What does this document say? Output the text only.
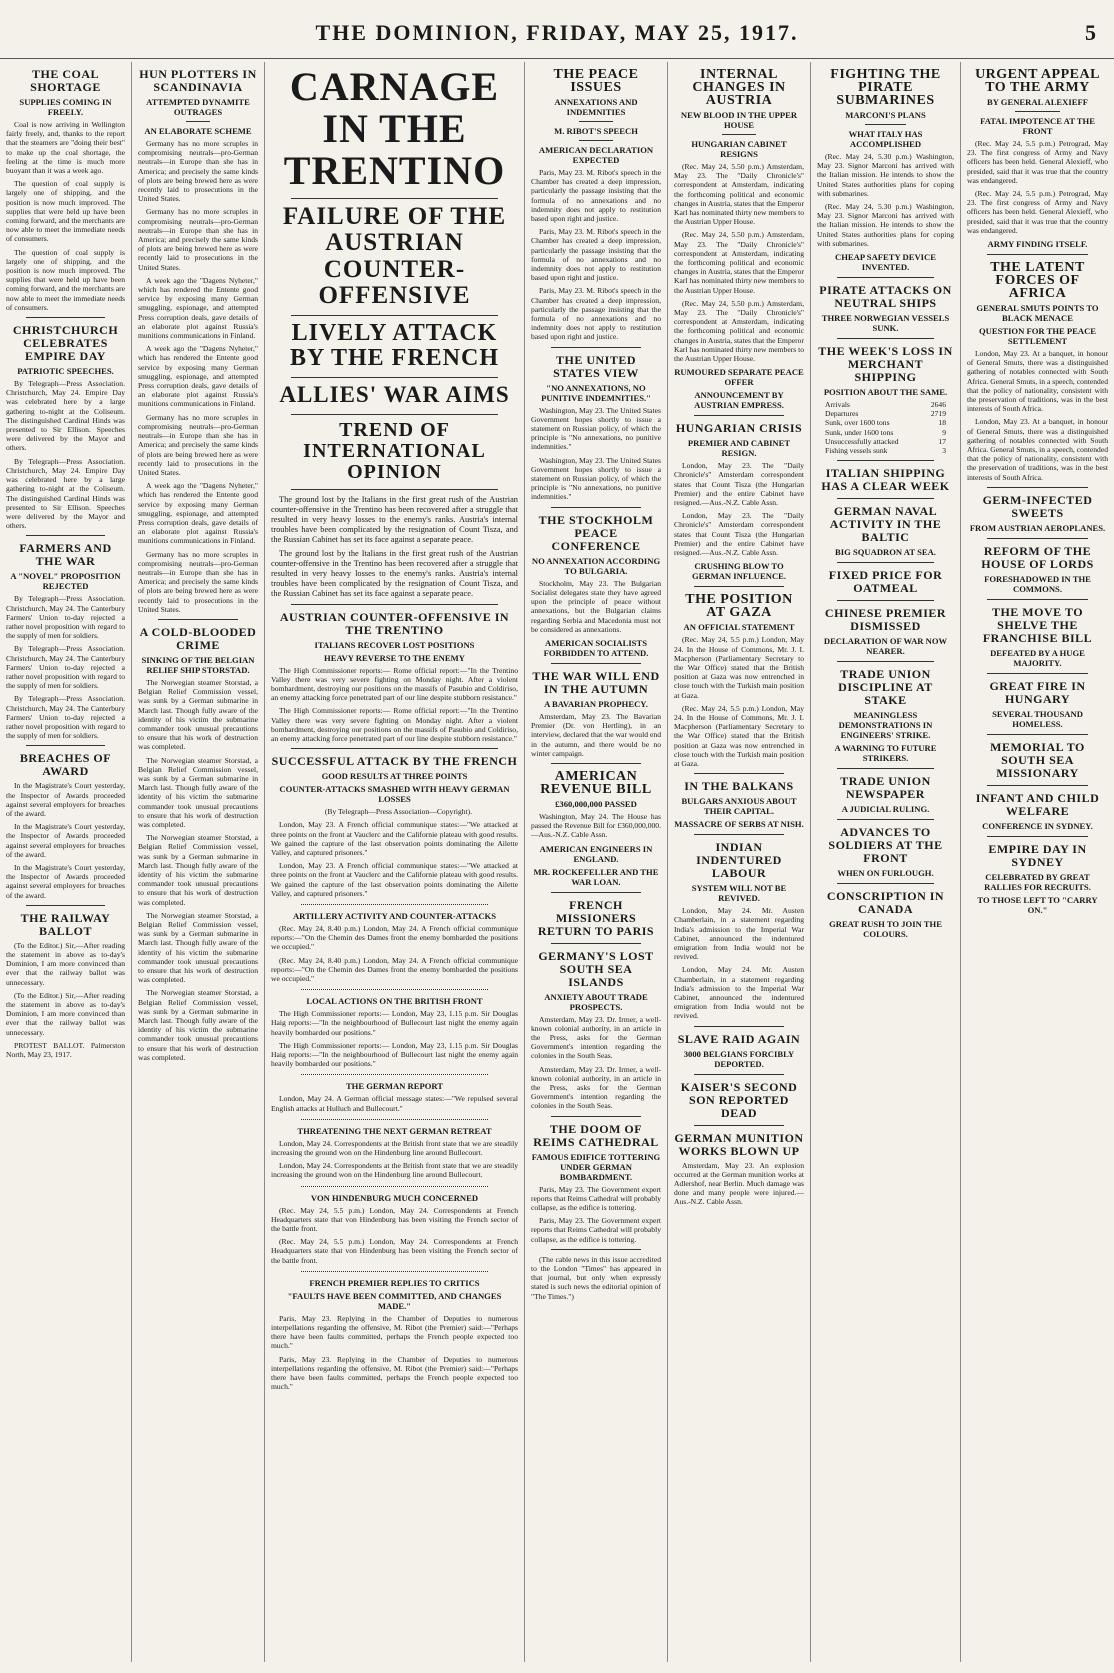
THE DOMINION, FRIDAY, MAY 25, 1917.	5
THE COAL SHORTAGE
SUPPLIES COMING IN FREELY.

Coal is now arriving in Wellington fairly freely, and, thanks to the report that the steamers are "doing their best" to make up the coal shortage, the feeling at the time is much more buoyant than it was a week ago.

The question of coal supply is largely one of shipping, and the position is now much improved. The supplies that were held up have been coming forward, and the merchants are now able to meet the immediate needs of consumers.

The question of coal supply is largely one of shipping, and the position is now much improved. The supplies that were held up have been coming forward, and the merchants are now able to meet the immediate needs of consumers.

CHRISTCHURCH CELEBRATES EMPIRE DAY
PATRIOTIC SPEECHES.

By Telegraph—Press Association. Christchurch, May 24. Empire Day was celebrated here by a large gathering to-night at the Coliseum. The distinguished Cardinal Hinds was presented to Sir Ellison. Speeches were delivered by the Mayor and others.

By Telegraph—Press Association. Christchurch, May 24. Empire Day was celebrated here by a large gathering to-night at the Coliseum. The distinguished Cardinal Hinds was presented to Sir Ellison. Speeches were delivered by the Mayor and others.

FARMERS AND THE WAR
A "NOVEL" PROPOSITION REJECTED

By Telegraph—Press Association. Christchurch, May 24. The Canterbury Farmers' Union to-day rejected a rather novel proposition with regard to the supply of men for soldiers.

By Telegraph—Press Association. Christchurch, May 24. The Canterbury Farmers' Union to-day rejected a rather novel proposition with regard to the supply of men for soldiers.

By Telegraph—Press Association. Christchurch, May 24. The Canterbury Farmers' Union to-day rejected a rather novel proposition with regard to the supply of men for soldiers.

BREACHES OF AWARD

In the Magistrate's Court yesterday, the Inspector of Awards proceeded against several employers for breaches of the award.

In the Magistrate's Court yesterday, the Inspector of Awards proceeded against several employers for breaches of the award.

In the Magistrate's Court yesterday, the Inspector of Awards proceeded against several employers for breaches of the award.

THE RAILWAY BALLOT

(To the Editor.) Sir,—After reading the statement in above as to-day's Dominion, I am more convinced than ever that the railway ballot was unnecessary.

(To the Editor.) Sir,—After reading the statement in above as to-day's Dominion, I am more convinced than ever that the railway ballot was unnecessary.

PROTEST BALLOT. Palmerston North, May 23, 1917.

HUN PLOTTERS IN SCANDINAVIA
ATTEMPTED DYNAMITE OUTRAGES
AN ELABORATE SCHEME

Germany has no more scruples in compromising neutrals—pro-German neutrals—in Europe than she has in America; and precisely the same kinds of plots are being brewed here as were recently laid to prosecutions in the United States.

Germany has no more scruples in compromising neutrals—pro-German neutrals—in Europe than she has in America; and precisely the same kinds of plots are being brewed here as were recently laid to prosecutions in the United States.

A week ago the "Dagens Nyheter," which has rendered the Entente good service by exposing many German smuggling, espionage, and attempted Press corruption deals, gave details of an elaborate plot against Russia's munitions communications in Finland.

A week ago the "Dagens Nyheter," which has rendered the Entente good service by exposing many German smuggling, espionage, and attempted Press corruption deals, gave details of an elaborate plot against Russia's munitions communications in Finland.

Germany has no more scruples in compromising neutrals—pro-German neutrals—in Europe than she has in America; and precisely the same kinds of plots are being brewed here as were recently laid to prosecutions in the United States.

A week ago the "Dagens Nyheter," which has rendered the Entente good service by exposing many German smuggling, espionage, and attempted Press corruption deals, gave details of an elaborate plot against Russia's munitions communications in Finland.

Germany has no more scruples in compromising neutrals—pro-German neutrals—in Europe than she has in America; and precisely the same kinds of plots are being brewed here as were recently laid to prosecutions in the United States.

A COLD-BLOODED CRIME
SINKING OF THE BELGIAN RELIEF SHIP STORSTAD.

The Norwegian steamer Storstad, a Belgian Relief Commission vessel, was sunk by a German submarine in March last. Though fully aware of the identity of his victim the submarine commander took unusual precautions to ensure that his work of destruction was completed.

The Norwegian steamer Storstad, a Belgian Relief Commission vessel, was sunk by a German submarine in March last. Though fully aware of the identity of his victim the submarine commander took unusual precautions to ensure that his work of destruction was completed.

The Norwegian steamer Storstad, a Belgian Relief Commission vessel, was sunk by a German submarine in March last. Though fully aware of the identity of his victim the submarine commander took unusual precautions to ensure that his work of destruction was completed.

The Norwegian steamer Storstad, a Belgian Relief Commission vessel, was sunk by a German submarine in March last. Though fully aware of the identity of his victim the submarine commander took unusual precautions to ensure that his work of destruction was completed.

The Norwegian steamer Storstad, a Belgian Relief Commission vessel, was sunk by a German submarine in March last. Though fully aware of the identity of his victim the submarine commander took unusual precautions to ensure that his work of destruction was completed.

CARNAGE IN THE TRENTINO
FAILURE OF THE AUSTRIAN COUNTER-OFFENSIVE
LIVELY ATTACK BY THE FRENCH
ALLIES' WAR AIMS
TREND OF INTERNATIONAL OPINION

The ground lost by the Italians in the first great rush of the Austrian counter-offensive in the Trentino has been recovered after a struggle that resulted in very heavy losses to the enemy's ranks. Austria's internal troubles have been complicated by the resignation of Count Tisza, and the Russian Cabinet has set its face against a separate peace.

The ground lost by the Italians in the first great rush of the Austrian counter-offensive in the Trentino has been recovered after a struggle that resulted in very heavy losses to the enemy's ranks. Austria's internal troubles have been complicated by the resignation of Count Tisza, and the Russian Cabinet has set its face against a separate peace.

AUSTRIAN COUNTER-OFFENSIVE IN THE TRENTINO
ITALIANS RECOVER LOST POSITIONS
HEAVY REVERSE TO THE ENEMY

The High Commissioner reports:— Rome official report:—"In the Trentino Valley there was very severe fighting on Monday night. After a violent bombardment, destroying our positions on the massifs of Pasubio and Coldiriso, an enemy attacking force penetrated part of our line despite stubborn resistance."

The High Commissioner reports:— Rome official report:—"In the Trentino Valley there was very severe fighting on Monday night. After a violent bombardment, destroying our positions on the massifs of Pasubio and Coldiriso, an enemy attacking force penetrated part of our line despite stubborn resistance."

SUCCESSFUL ATTACK BY THE FRENCH
GOOD RESULTS AT THREE POINTS
COUNTER-ATTACKS SMASHED WITH HEAVY GERMAN LOSSES

(By Telegraph—Press Association—Copyright).

London, May 23. A French official communique states:—"We attacked at three points on the front at Vauclerc and the Californie plateau with good results. We gained the capture of the last observation points dominating the Ailette Valley, and captured prisoners."

London, May 23. A French official communique states:—"We attacked at three points on the front at Vauclerc and the Californie plateau with good results. We gained the capture of the last observation points dominating the Ailette Valley, and captured prisoners."

ARTILLERY ACTIVITY AND COUNTER-ATTACKS

(Rec. May 24, 8.40 p.m.) London, May 24. A French official communique reports:—"On the Chemin des Dames front the enemy bombarded the positions we occupied."

(Rec. May 24, 8.40 p.m.) London, May 24. A French official communique reports:—"On the Chemin des Dames front the enemy bombarded the positions we occupied."

LOCAL ACTIONS ON THE BRITISH FRONT

The High Commissioner reports:— London, May 23, 1.15 p.m. Sir Douglas Haig reports:—"In the neighbourhood of Bullecourt last night the enemy again heavily bombarded our positions."

The High Commissioner reports:— London, May 23, 1.15 p.m. Sir Douglas Haig reports:—"In the neighbourhood of Bullecourt last night the enemy again heavily bombarded our positions."

THE GERMAN REPORT

London, May 24. A German official message states:—"We repulsed several English attacks at Hulluch and Bullecourt."

THREATENING THE NEXT GERMAN RETREAT

London, May 24. Correspondents at the British front state that we are steadily increasing the ground won on the Hindenburg line around Bullecourt.

London, May 24. Correspondents at the British front state that we are steadily increasing the ground won on the Hindenburg line around Bullecourt.

VON HINDENBURG MUCH CONCERNED

(Rec. May 24, 5.5 p.m.) London, May 24. Correspondents at French Headquarters state that von Hindenburg has been visiting the French sector of the battle front.

(Rec. May 24, 5.5 p.m.) London, May 24. Correspondents at French Headquarters state that von Hindenburg has been visiting the French sector of the battle front.

FRENCH PREMIER REPLIES TO CRITICS
"FAULTS HAVE BEEN COMMITTED, AND CHANGES MADE."

Paris, May 23. Replying in the Chamber of Deputies to numerous interpellations regarding the offensive, M. Ribot (the Premier) said:—"Perhaps there have been faults committed, perhaps the French people expected too much."

Paris, May 23. Replying in the Chamber of Deputies to numerous interpellations regarding the offensive, M. Ribot (the Premier) said:—"Perhaps there have been faults committed, perhaps the French people expected too much."

THE PEACE ISSUES
ANNEXATIONS AND INDEMNITIES
M. RIBOT'S SPEECH
AMERICAN DECLARATION EXPECTED

Paris, May 23. M. Ribot's speech in the Chamber has created a deep impression, particularly the passage insisting that the formula of no annexations and no indemnity does not apply to restitution based upon right and justice.

Paris, May 23. M. Ribot's speech in the Chamber has created a deep impression, particularly the passage insisting that the formula of no annexations and no indemnity does not apply to restitution based upon right and justice.

Paris, May 23. M. Ribot's speech in the Chamber has created a deep impression, particularly the passage insisting that the formula of no annexations and no indemnity does not apply to restitution based upon right and justice.

THE UNITED STATES VIEW
"NO ANNEXATIONS, NO PUNITIVE INDEMNITIES."

Washington, May 23. The United States Government hopes shortly to issue a statement on Russian policy, of which the principle is "No annexations, no punitive indemnities."

Washington, May 23. The United States Government hopes shortly to issue a statement on Russian policy, of which the principle is "No annexations, no punitive indemnities."

THE STOCKHOLM PEACE CONFERENCE
NO ANNEXATION ACCORDING TO BULGARIA.

Stockholm, May 23. The Bulgarian Socialist delegates state they have agreed upon the principle of peace without annexations, but the Bulgarian claims regarding Serbia and Macedonia must not be considered as annexations.

AMERICAN SOCIALISTS FORBIDDEN TO ATTEND.
THE WAR WILL END IN THE AUTUMN
A BAVARIAN PROPHECY.

Amsterdam, May 23. The Bavarian Premier (Dr. von Hertling), in an interview, declared that the war would end in the autumn, and there would be no winter campaign.

AMERICAN REVENUE BILL
£360,000,000 PASSED

Washington, May 24. The House has passed the Revenue Bill for £360,000,000.—Aus.-N.Z. Cable Assn.

AMERICAN ENGINEERS IN ENGLAND.
MR. ROCKEFELLER AND THE WAR LOAN.
FRENCH MISSIONERS RETURN TO PARIS
GERMANY'S LOST SOUTH SEA ISLANDS
ANXIETY ABOUT TRADE PROSPECTS.

Amsterdam, May 23. Dr. Irmer, a well-known colonial authority, in an article in the Press, asks for the German Government's intention regarding the colonies in the South Seas.

Amsterdam, May 23. Dr. Irmer, a well-known colonial authority, in an article in the Press, asks for the German Government's intention regarding the colonies in the South Seas.

THE DOOM OF REIMS CATHEDRAL
FAMOUS EDIFICE TOTTERING UNDER GERMAN BOMBARDMENT.

Paris, May 23. The Government expert reports that Reims Cathedral will probably collapse, as the edifice is tottering.

Paris, May 23. The Government expert reports that Reims Cathedral will probably collapse, as the edifice is tottering.

(The cable news in this issue accredited to the London "Times" has appeared in that journal, but only when expressly stated is such news the editorial opinion of "The Times.")

INTERNAL CHANGES IN AUSTRIA
NEW BLOOD IN THE UPPER HOUSE
HUNGARIAN CABINET RESIGNS

(Rec. May 24, 5.50 p.m.) Amsterdam, May 23. The "Daily Chronicle's" correspondent at Amsterdam, indicating the forthcoming political and economic changes in Austria, states that the Emperor Karl has nominated thirty new members to the Austrian Upper House.

(Rec. May 24, 5.50 p.m.) Amsterdam, May 23. The "Daily Chronicle's" correspondent at Amsterdam, indicating the forthcoming political and economic changes in Austria, states that the Emperor Karl has nominated thirty new members to the Austrian Upper House.

(Rec. May 24, 5.50 p.m.) Amsterdam, May 23. The "Daily Chronicle's" correspondent at Amsterdam, indicating the forthcoming political and economic changes in Austria, states that the Emperor Karl has nominated thirty new members to the Austrian Upper House.

RUMOURED SEPARATE PEACE OFFER
ANNOUNCEMENT BY AUSTRIAN EMPRESS.
HUNGARIAN CRISIS
PREMIER AND CABINET RESIGN.

London, May 23. The "Daily Chronicle's" Amsterdam correspondent states that Count Tisza (the Hungarian Premier) and the entire Cabinet have resigned.—Aus.-N.Z. Cable Assn.

London, May 23. The "Daily Chronicle's" Amsterdam correspondent states that Count Tisza (the Hungarian Premier) and the entire Cabinet have resigned.—Aus.-N.Z. Cable Assn.

CRUSHING BLOW TO GERMAN INFLUENCE.
THE POSITION AT GAZA
AN OFFICIAL STATEMENT

(Rec. May 24, 5.5 p.m.) London, May 24. In the House of Commons, Mr. J. I. Macpherson (Parliamentary Secretary to the War Office) stated that the British position at Gaza was now entrenched in close touch with the Turkish main position at Gaza.

(Rec. May 24, 5.5 p.m.) London, May 24. In the House of Commons, Mr. J. I. Macpherson (Parliamentary Secretary to the War Office) stated that the British position at Gaza was now entrenched in close touch with the Turkish main position at Gaza.

IN THE BALKANS
BULGARS ANXIOUS ABOUT THEIR CAPITAL.
MASSACRE OF SERBS AT NISH.
INDIAN INDENTURED LABOUR
SYSTEM WILL NOT BE REVIVED.

London, May 24. Mr. Austen Chamberlain, in a statement regarding India's admission to the Imperial War Cabinet, announced the indentured emigration from India would not be revived.

London, May 24. Mr. Austen Chamberlain, in a statement regarding India's admission to the Imperial War Cabinet, announced the indentured emigration from India would not be revived.

SLAVE RAID AGAIN
3000 BELGIANS FORCIBLY DEPORTED.
KAISER'S SECOND SON REPORTED DEAD
GERMAN MUNITION WORKS BLOWN UP

Amsterdam, May 23. An explosion occurred at the German munition works at Adlershof, near Berlin. Much damage was done and many people were injured.—Aus.-N.Z. Cable Assn.

FIGHTING THE PIRATE SUBMARINES
MARCONI'S PLANS
WHAT ITALY HAS ACCOMPLISHED

(Rec. May 24, 5.30 p.m.) Washington, May 23. Signor Marconi has arrived with the Italian mission. He intends to show the United States authorities plans for coping with submarines.

(Rec. May 24, 5.30 p.m.) Washington, May 23. Signor Marconi has arrived with the Italian mission. He intends to show the United States authorities plans for coping with submarines.

CHEAP SAFETY DEVICE INVENTED.
PIRATE ATTACKS ON NEUTRAL SHIPS
THREE NORWEGIAN VESSELS SUNK.
THE WEEK'S LOSS IN MERCHANT SHIPPING
POSITION ABOUT THE SAME.
Arrivals	2646
Departures	2719
Sunk, over 1600 tons	18
Sunk, under 1600 tons	9
Unsuccessfully attacked	17
Fishing vessels sunk	3
ITALIAN SHIPPING HAS A CLEAR WEEK
GERMAN NAVAL ACTIVITY IN THE BALTIC
BIG SQUADRON AT SEA.
FIXED PRICE FOR OATMEAL
CHINESE PREMIER DISMISSED
DECLARATION OF WAR NOW NEARER.
TRADE UNION DISCIPLINE AT STAKE
MEANINGLESS DEMONSTRATIONS IN ENGINEERS' STRIKE.
A WARNING TO FUTURE STRIKERS.
TRADE UNION NEWSPAPER
A JUDICIAL RULING.
ADVANCES TO SOLDIERS AT THE FRONT
WHEN ON FURLOUGH.
CONSCRIPTION IN CANADA
GREAT RUSH TO JOIN THE COLOURS.
URGENT APPEAL TO THE ARMY
BY GENERAL ALEXIEFF
FATAL IMPOTENCE AT THE FRONT

(Rec. May 24, 5.5 p.m.) Petrograd, May 23. The first congress of Army and Navy officers has been held. General Alexieff, who presided, said that it was true that the country was endangered.

(Rec. May 24, 5.5 p.m.) Petrograd, May 23. The first congress of Army and Navy officers has been held. General Alexieff, who presided, said that it was true that the country was endangered.

ARMY FINDING ITSELF.
THE LATENT FORCES OF AFRICA
GENERAL SMUTS POINTS TO BLACK MENACE
QUESTION FOR THE PEACE SETTLEMENT

London, May 23. At a banquet, in honour of General Smuts, there was a distinguished gathering of notables connected with South Africa. General Smuts, in a speech, contended that the policy of nationality, consistent with the preservation of traditions, was in the best interests of South Africa.

London, May 23. At a banquet, in honour of General Smuts, there was a distinguished gathering of notables connected with South Africa. General Smuts, in a speech, contended that the policy of nationality, consistent with the preservation of traditions, was in the best interests of South Africa.

GERM-INFECTED SWEETS
FROM AUSTRIAN AEROPLANES.
REFORM OF THE HOUSE OF LORDS
FORESHADOWED IN THE COMMONS.
THE MOVE TO SHELVE THE FRANCHISE BILL
DEFEATED BY A HUGE MAJORITY.
GREAT FIRE IN HUNGARY
SEVERAL THOUSAND HOMELESS.
MEMORIAL TO SOUTH SEA MISSIONARY
INFANT AND CHILD WELFARE
CONFERENCE IN SYDNEY.
EMPIRE DAY IN SYDNEY
CELEBRATED BY GREAT RALLIES FOR RECRUITS.
TO THOSE LEFT TO "CARRY ON."
